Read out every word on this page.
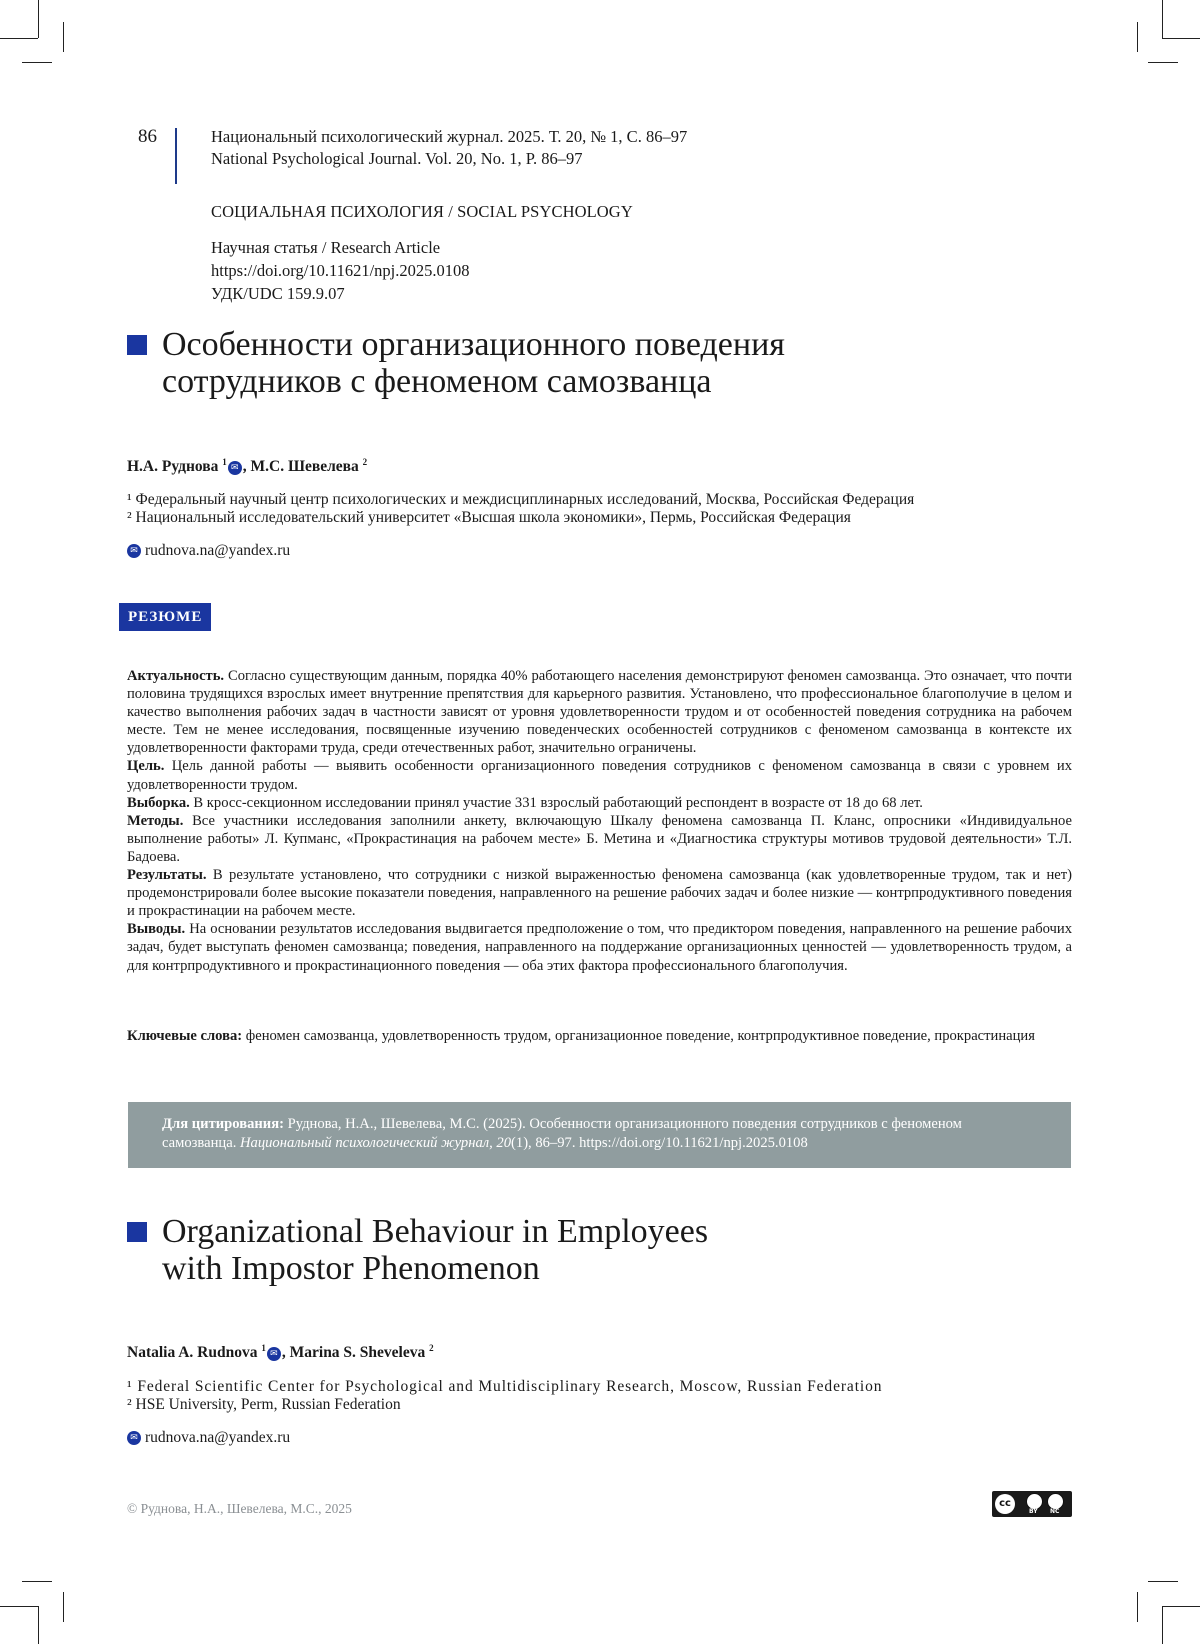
86	Национальный психологический журнал. 2025. Т. 20, № 1, С. 86–97
National Psychological Journal. Vol. 20, No. 1, P. 86–97
СОЦИАЛЬНАЯ ПСИХОЛОГИЯ / SOCIAL PSYCHOLOGY
Научная статья / Research Article
https://doi.org/10.11621/npj.2025.0108
УДК/UDC 159.9.07
Особенности организационного поведения
сотрудников с феноменом самозванца
Н.А. Руднова 1✉ , М.С. Шевелева 2
¹ Федеральный научный центр психологических и междисциплинарных исследований, Москва, Российская Федерация
² Национальный исследовательский университет «Высшая школа экономики», Пермь, Российская Федерация
✉ rudnova.na@yandex.ru
РЕЗЮМЕ

Актуальность. Согласно существующим данным, порядка 40% работающего населения демонстрируют феномен самозванца. Это означает, что почти половина трудящихся взрослых имеет внутренние препятствия для карьерного развития. Установлено, что профессиональное благополучие в целом и качество выполнения рабочих задач в частности зависят от уровня удовлетворенности трудом и от особенностей поведения сотрудника на рабочем месте. Тем не менее исследования, посвященные изучению поведенческих особенностей сотрудников с феноменом самозванца в контексте их удовлетворенности факторами труда, среди отечественных работ, значительно ограничены.

Цель. Цель данной работы — выявить особенности организационного поведения сотрудников с феноменом самозванца в связи с уровнем их удовлетворенности трудом.

Выборка. В кросс-секционном исследовании принял участие 331 взрослый работающий респондент в возрасте от 18 до 68 лет.

Методы. Все участники исследования заполнили анкету, включающую Шкалу феномена самозванца П. Кланс, опросники «Индивидуальное выполнение работы» Л. Купманс, «Прокрастинация на рабочем месте» Б. Метина и «Диагностика структуры мотивов трудовой деятельности» Т.Л. Бадоева.

Результаты. В результате установлено, что сотрудники с низкой выраженностью феномена самозванца (как удовлетворенные трудом, так и нет) продемонстрировали более высокие показатели поведения, направленного на решение рабочих задач и более низкие — контрпродуктивного поведения и прокрастинации на рабочем месте.

Выводы. На основании результатов исследования выдвигается предположение о том, что предиктором поведения, направленного на решение рабочих задач, будет выступать феномен самозванца; поведения, направленного на поддержание организационных ценностей — удовлетворенность трудом, а для контрпродуктивного и прокрастинационного поведения — оба этих фактора профессионального благополучия.

Ключевые слова: феномен самозванца, удовлетворенность трудом, организационное поведение, контрпродуктивное поведение, прокрастинация
Для цитирования: Руднова, Н.А., Шевелева, М.С. (2025). Особенности организационного поведения сотрудников с феноменом самозванца. Национальный психологический журнал, 20(1), 86–97. https://doi.org/10.11621/npj.2025.0108
Organizational Behaviour in Employees
with Impostor Phenomenon
Natalia A. Rudnova 1✉ , Marina S. Sheveleva 2
¹ Federal Scientific Center for Psychological and Multidisciplinary Research, Moscow, Russian Federation
² HSE University, Perm, Russian Federation
✉ rudnova.na@yandex.ru
© Руднова, Н.А., Шевелева, М.С., 2025	cc
BY NC
